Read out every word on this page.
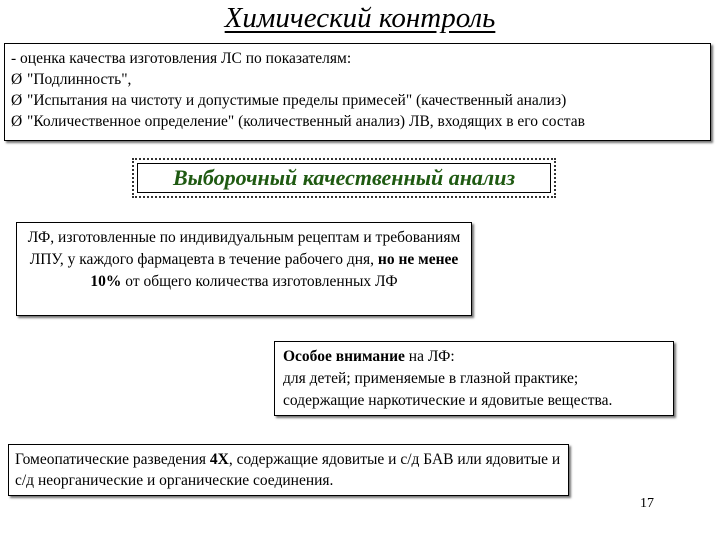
Химический контроль
- оценка качества изготовления ЛС по показателям:
Ø "Подлинность",
Ø "Испытания на чистоту и допустимые пределы примесей" (качественный анализ)
Ø "Количественное определение" (количественный анализ) ЛВ, входящих в его состав
Выборочный качественный анализ
ЛФ, изготовленные по индивидуальным рецептам и требованиям ЛПУ, у каждого фармацевта в течение рабочего дня, но не менее 10% от общего количества изготовленных ЛФ
Особое внимание на ЛФ:
для детей; применяемые в глазной практике;
содержащие наркотические и ядовитые вещества.
Гомеопатические разведения 4Х, содержащие ядовитые и с/д БАВ или ядовитые и с/д неорганические и органические соединения.
17
